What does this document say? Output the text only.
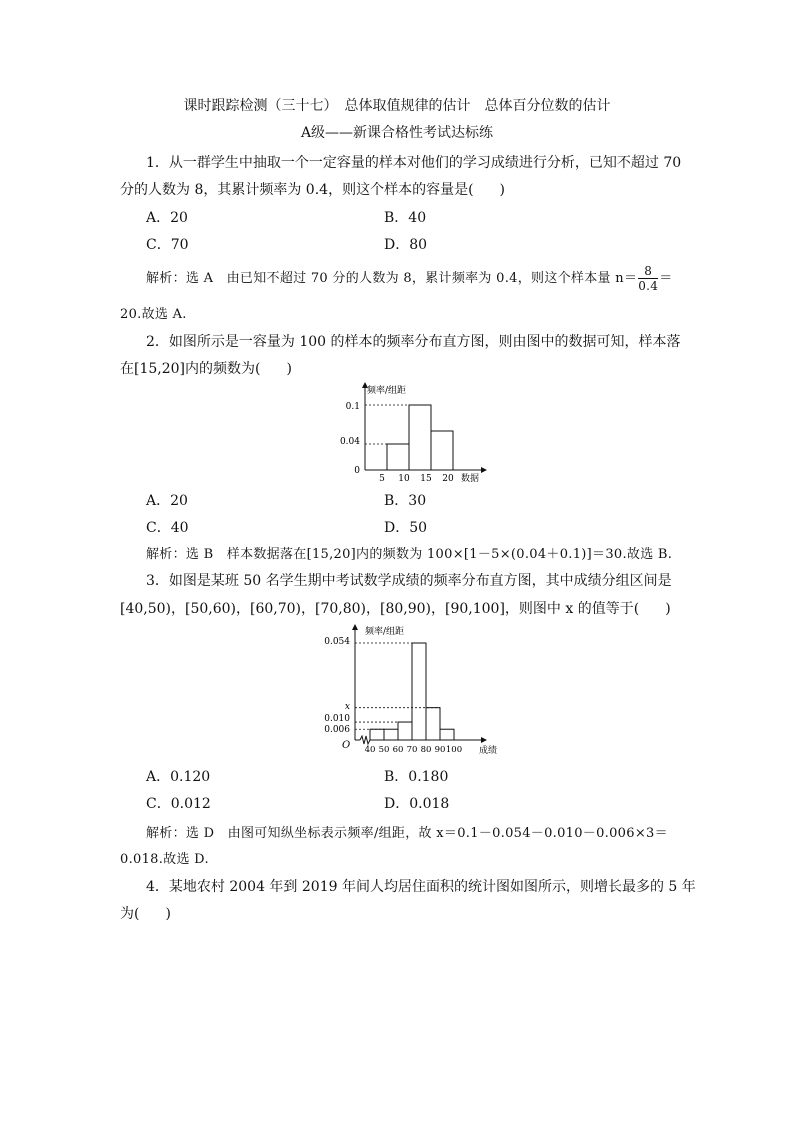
课时跟踪检测（三十七）　总体取值规律的估计　总体百分位数的估计
A级——新课合格性考试达标练
1．从一群学生中抽取一个一定容量的样本对他们的学习成绩进行分析，已知不超过 70
分的人数为 8，其累计频率为 0.4，则这个样本的容量是( )
A．20	B．40
C．70	D．80
解析：选 A　由已知不超过 70 分的人数为 8，累计频率为 0.4，则这个样本量 $n= \frac{8}{0.4}$ ＝
20.故选 A.
2．如图所示是一容量为 100 的样本的频率分布直方图，则由图中的数据可知，样本落
在[15,20]内的频数为( )
频率/组距
数据
0.04
0.1
0
5 10 15 20
A．20	B．30
C．40	D．50
解析：选 B　样本数据落在[15,20]内的频数为 100×[1－5×(0.04＋0.1)]＝30.故选 B.
3．如图是某班 50 名学生期中考试数学成绩的频率分布直方图，其中成绩分组区间是
[40,50)，[50,60)，[60,70)，[70,80)，[80,90)，[90,100]，则图中 x 的值等于( )
O
频率/组距
成绩
0.054
x
0.010
0.006
40 50 60 70 80 90 100
A．0.120	B．0.180
C．0.012	D．0.018
解析：选 D　由图可知纵坐标表示频率/组距，故 x＝0.1－0.054－0.010－0.006×3＝
0.018.故选 D.
4．某地农村 2004 年到 2019 年间人均居住面积的统计图如图所示，则增长最多的 5 年
为( )
